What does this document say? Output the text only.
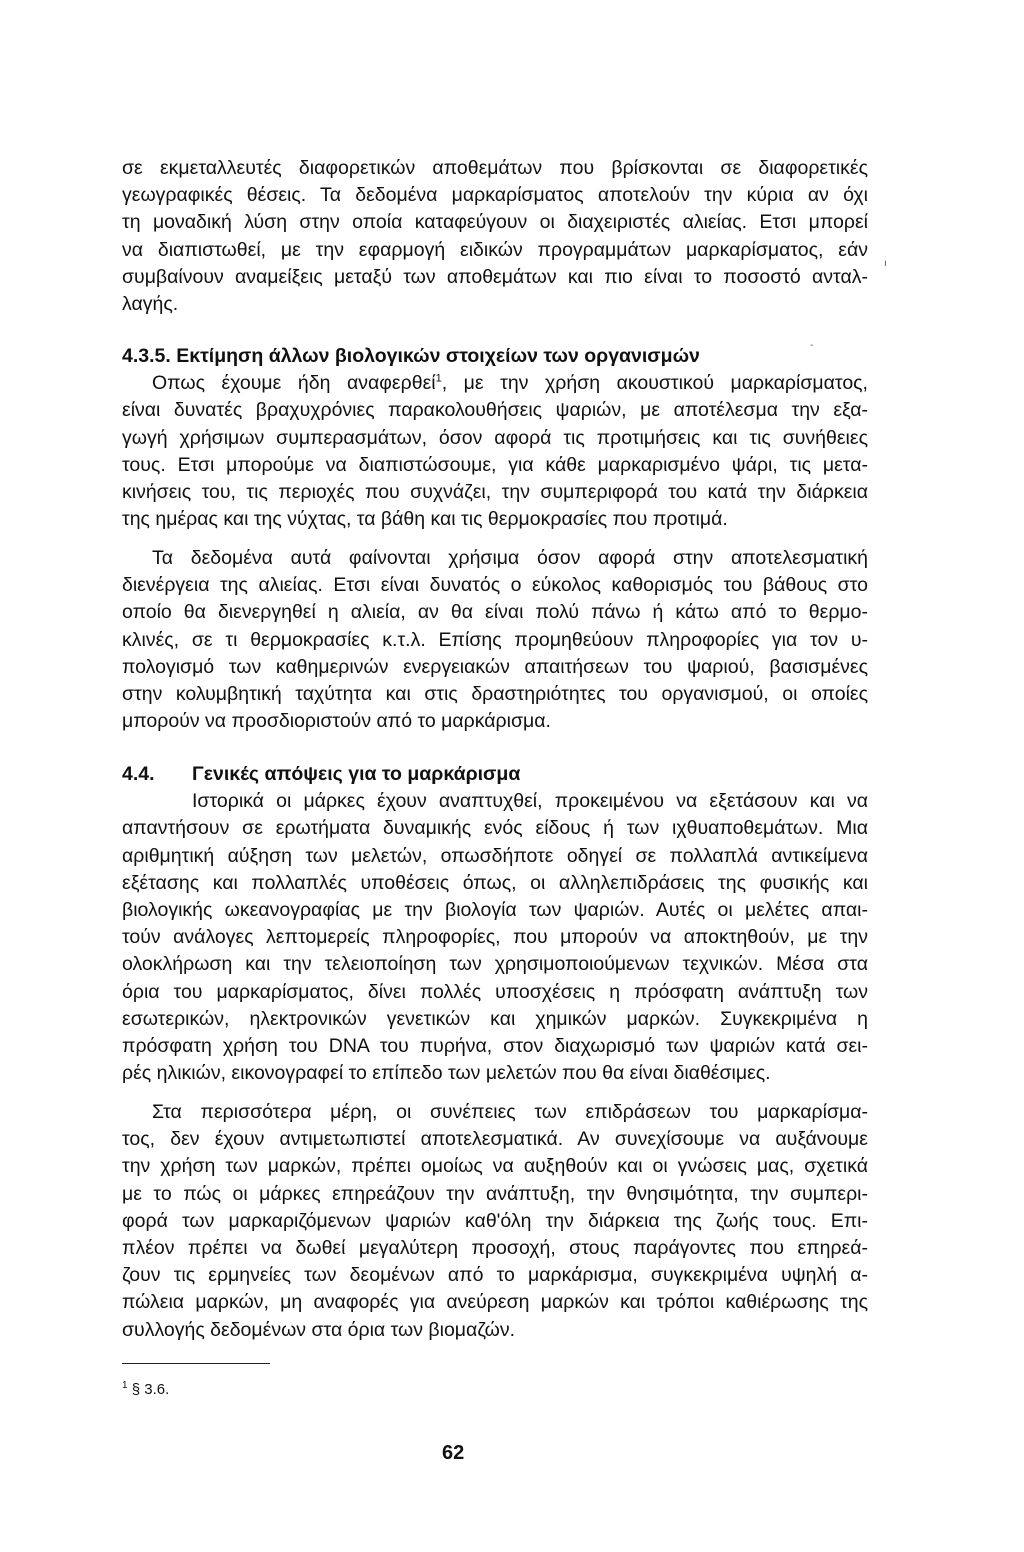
σε εκμεταλλευτές διαφορετικών αποθεμάτων που βρίσκονται σε διαφορετικές
γεωγραφικές θέσεις. Τα δεδομένα μαρκαρίσματος αποτελούν την κύρια αν όχι
τη μοναδική λύση στην οποία καταφεύγουν οι διαχειριστές αλιείας. Ετσι μπορεί
να διαπιστωθεί, με την εφαρμογή ειδικών προγραμμάτων μαρκαρίσματος, εάν
συμβαίνουν αναμείξεις μεταξύ των αποθεμάτων και πιο είναι το ποσοστό ανταλ-
λαγής.
4.3.5. Εκτίμηση άλλων βιολογικών στοιχείων των οργανισμών
Οπως έχουμε ήδη αναφερθεί$^1$, με την χρήση ακουστικού μαρκαρίσματος,
είναι δυνατές βραχυχρόνιες παρακολουθήσεις ψαριών, με αποτέλεσμα την εξα-
γωγή χρήσιμων συμπερασμάτων, όσον αφορά τις προτιμήσεις και τις συνήθειες
τους. Ετσι μπορούμε να διαπιστώσουμε, για κάθε μαρκαρισμένο ψάρι, τις μετα-
κινήσεις του, τις περιοχές που συχνάζει, την συμπεριφορά του κατά την διάρκεια
της ημέρας και της νύχτας, τα βάθη και τις θερμοκρασίες που προτιμά.
Τα δεδομένα αυτά φαίνονται χρήσιμα όσον αφορά στην αποτελεσματική
διενέργεια της αλιείας. Ετσι είναι δυνατός ο εύκολος καθορισμός του βάθους στο
οποίο θα διενεργηθεί η αλιεία, αν θα είναι πολύ πάνω ή κάτω από το θερμο-
κλινές, σε τι θερμοκρασίες κ.τ.λ. Επίσης προμηθεύουν πληροφορίες για τον υ-
πολογισμό των καθημερινών ενεργειακών απαιτήσεων του ψαριού, βασισμένες
στην κολυμβητική ταχύτητα και στις δραστηριότητες του οργανισμού, οι οποίες
μπορούν να προσδιοριστούν από το μαρκάρισμα.
4.4. Γενικές απόψεις για το μαρκάρισμα
Ιστορικά οι μάρκες έχουν αναπτυχθεί, προκειμένου να εξετάσουν και να
απαντήσουν σε ερωτήματα δυναμικής ενός είδους ή των ιχθυαποθεμάτων. Μια
αριθμητική αύξηση των μελετών, οπωσδήποτε οδηγεί σε πολλαπλά αντικείμενα
εξέτασης και πολλαπλές υποθέσεις όπως, οι αλληλεπιδράσεις της φυσικής και
βιολογικής ωκεανογραφίας με την βιολογία των ψαριών. Αυτές οι μελέτες απαι-
τούν ανάλογες λεπτομερείς πληροφορίες, που μπορούν να αποκτηθούν, με την
ολοκλήρωση και την τελειοποίηση των χρησιμοποιούμενων τεχνικών. Μέσα στα
όρια του μαρκαρίσματος, δίνει πολλές υποσχέσεις η πρόσφατη ανάπτυξη των
εσωτερικών, ηλεκτρονικών γενετικών και χημικών μαρκών. Συγκεκριμένα η
πρόσφατη χρήση του DNA του πυρήνα, στον διαχωρισμό των ψαριών κατά σει-
ρές ηλικιών, εικονογραφεί το επίπεδο των μελετών που θα είναι διαθέσιμες.
Στα περισσότερα μέρη, οι συνέπειες των επιδράσεων του μαρκαρίσμα-
τος, δεν έχουν αντιμετωπιστεί αποτελεσματικά. Αν συνεχίσουμε να αυξάνουμε
την χρήση των μαρκών, πρέπει ομοίως να αυξηθούν και οι γνώσεις μας, σχετικά
με το πώς οι μάρκες επηρεάζουν την ανάπτυξη, την θνησιμότητα, την συμπερι-
φορά των μαρκαριζόμενων ψαριών καθ'όλη την διάρκεια της ζωής τους. Επι-
πλέον πρέπει να δωθεί μεγαλύτερη προσοχή, στους παράγοντες που επηρεά-
ζουν τις ερμηνείες των δεομένων από το μαρκάρισμα, συγκεκριμένα υψηλή α-
πώλεια μαρκών, μη αναφορές για ανεύρεση μαρκών και τρόποι καθιέρωσης της
συλλογής δεδομένων στα όρια των βιομαζών.
$^1$ § 3.6.
62
ı
-
